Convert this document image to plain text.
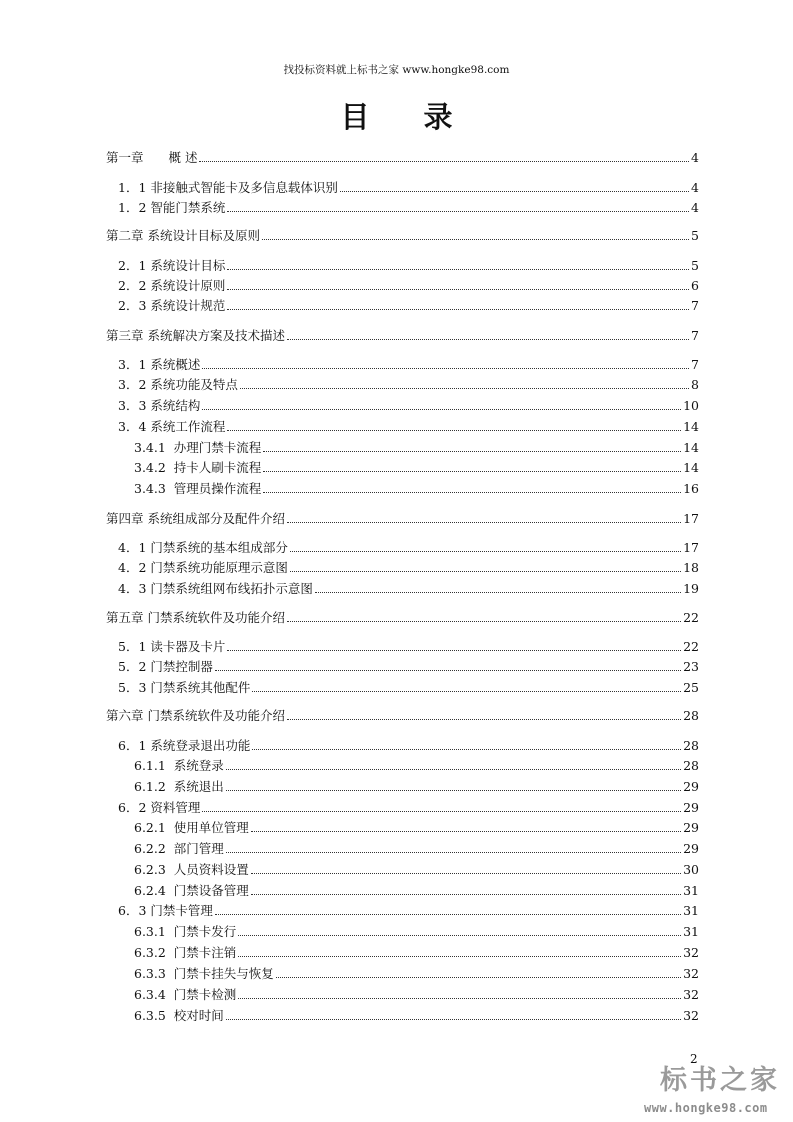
找投标资料就上标书之家 www.hongke98.com
目 录
第一章　　概 述	4
1．1 非接触式智能卡及多信息载体识别	4
1．2 智能门禁系统	4
第二章 系统设计目标及原则	5
2．1 系统设计目标	5
2．2 系统设计原则	6
2．3 系统设计规范	7
第三章 系统解决方案及技术描述	7
3．1 系统概述	7
3．2 系统功能及特点	8
3．3 系统结构	10
3．4 系统工作流程	14
3.4.1  办理门禁卡流程	14
3.4.2  持卡人刷卡流程	14
3.4.3  管理员操作流程	16
第四章 系统组成部分及配件介绍	17
4．1 门禁系统的基本组成部分	17
4．2 门禁系统功能原理示意图	18
4．3 门禁系统组网布线拓扑示意图	19
第五章 门禁系统软件及功能介绍	22
5．1 读卡器及卡片	22
5．2 门禁控制器	23
5．3 门禁系统其他配件	25
第六章 门禁系统软件及功能介绍	28
6．1 系统登录退出功能	28
6.1.1  系统登录	28
6.1.2  系统退出	29
6．2 资料管理	29
6.2.1  使用单位管理	29
6.2.2  部门管理	29
6.2.3  人员资料设置	30
6.2.4  门禁设备管理	31
6．3 门禁卡管理	31
6.3.1  门禁卡发行	31
6.3.2  门禁卡注销	32
6.3.3  门禁卡挂失与恢复	32
6.3.4  门禁卡检测	32
6.3.5  校对时间	32
2
标书之家
www.hongke98.com
